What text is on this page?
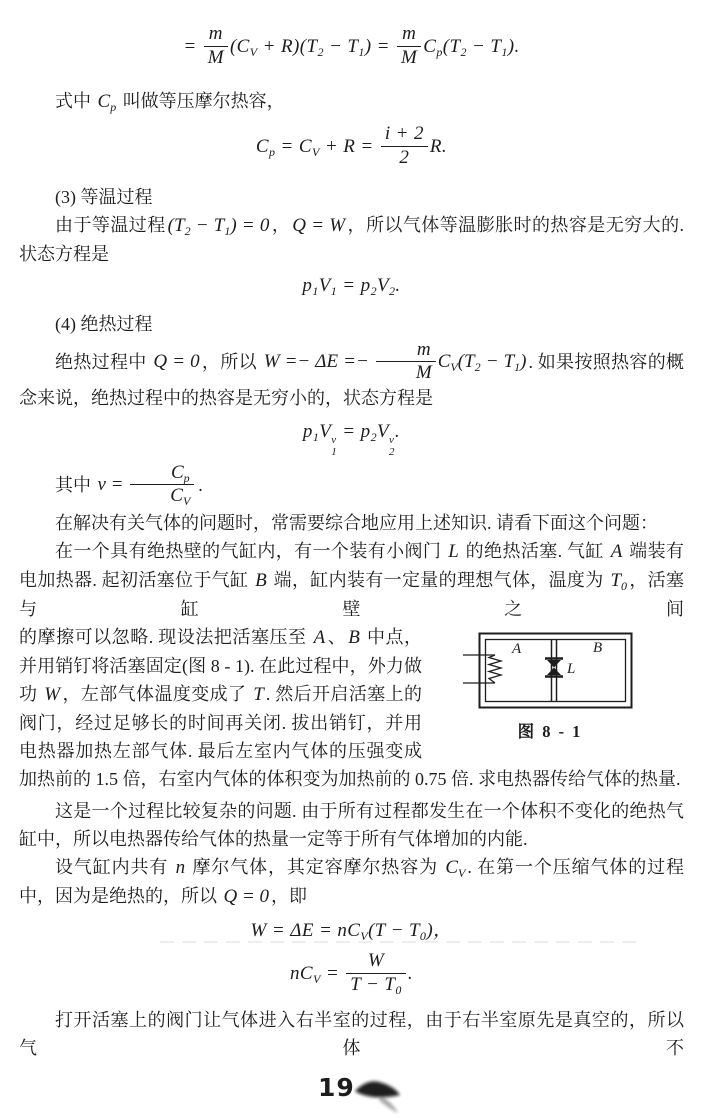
= $\frac{m}{M} (C_V + R)(T_2 - T_1) = \frac{m}{M} C_p(T_2 - T_1)$.

式中 $C_p$ 叫做等压摩尔热容，

$C_p = C_V + R = \frac{i + 2}{2} R$.

(3) 等温过程

由于等温过程 $(T_2 - T_1) = 0$ ， Q = W ，所以气体等温膨胀时的热容是无穷大的. 状态方程是

$p_1V_1 = p_2V_2$.

(4) 绝热过程

绝热过程中 Q = 0 ，所以 $W =- \Delta E =- \frac{m}{M} C_V(T_2 - T_1)$ . 如果按照热容的概念来说，绝热过程中的热容是无穷小的，状态方程是

$p_1V$ ν
1
= $p_2V$ ν
2
.

其中 $\nu = \frac{C_p}{C_V}$ .

在解决有关气体的问题时，常需要综合地应用上述知识. 请看下面这个问题：

在一个具有绝热壁的气缸内，有一个装有小阀门 L 的绝热活塞. 气缸 A 端装有电加热器. 起初活塞位于气缸 B 端，缸内装有一定量的理想气体，温度为 $T_0$ ，活塞与缸壁之间

A	B
L
图 8 - 1
的摩擦可以忽略. 现设法把活塞压至 A 、 B 中点，并用销钉将活塞固定(图 8 - 1). 在此过程中，外力做功 W ，左部气体温度变成了 T . 然后开启活塞上的阀门，经过足够长的时间再关闭. 拔出销钉，并用电热器加热左部气体. 最后左室内气体的压强变成加热前的 1.5 倍，右室内气体的体积变为加热前的 0.75 倍. 求电热器传给气体的热量.

这是一个过程比较复杂的问题. 由于所有过程都发生在一个体积不变化的绝热气缸中，所以电热器传给气体的热量一定等于所有气体增加的内能.

设气缸内共有 n 摩尔气体，其定容摩尔热容为 $C_V$ . 在第一个压缩气体的过程中，因为是绝热的，所以 Q = 0 ，即

$W = \Delta E = nC_V(T - T_0)$，
$nC_V = \frac{W}{T - T_0}$ .

打开活塞上的阀门让气体进入右半室的过程，由于右半室原先是真空的，所以气体不

19
